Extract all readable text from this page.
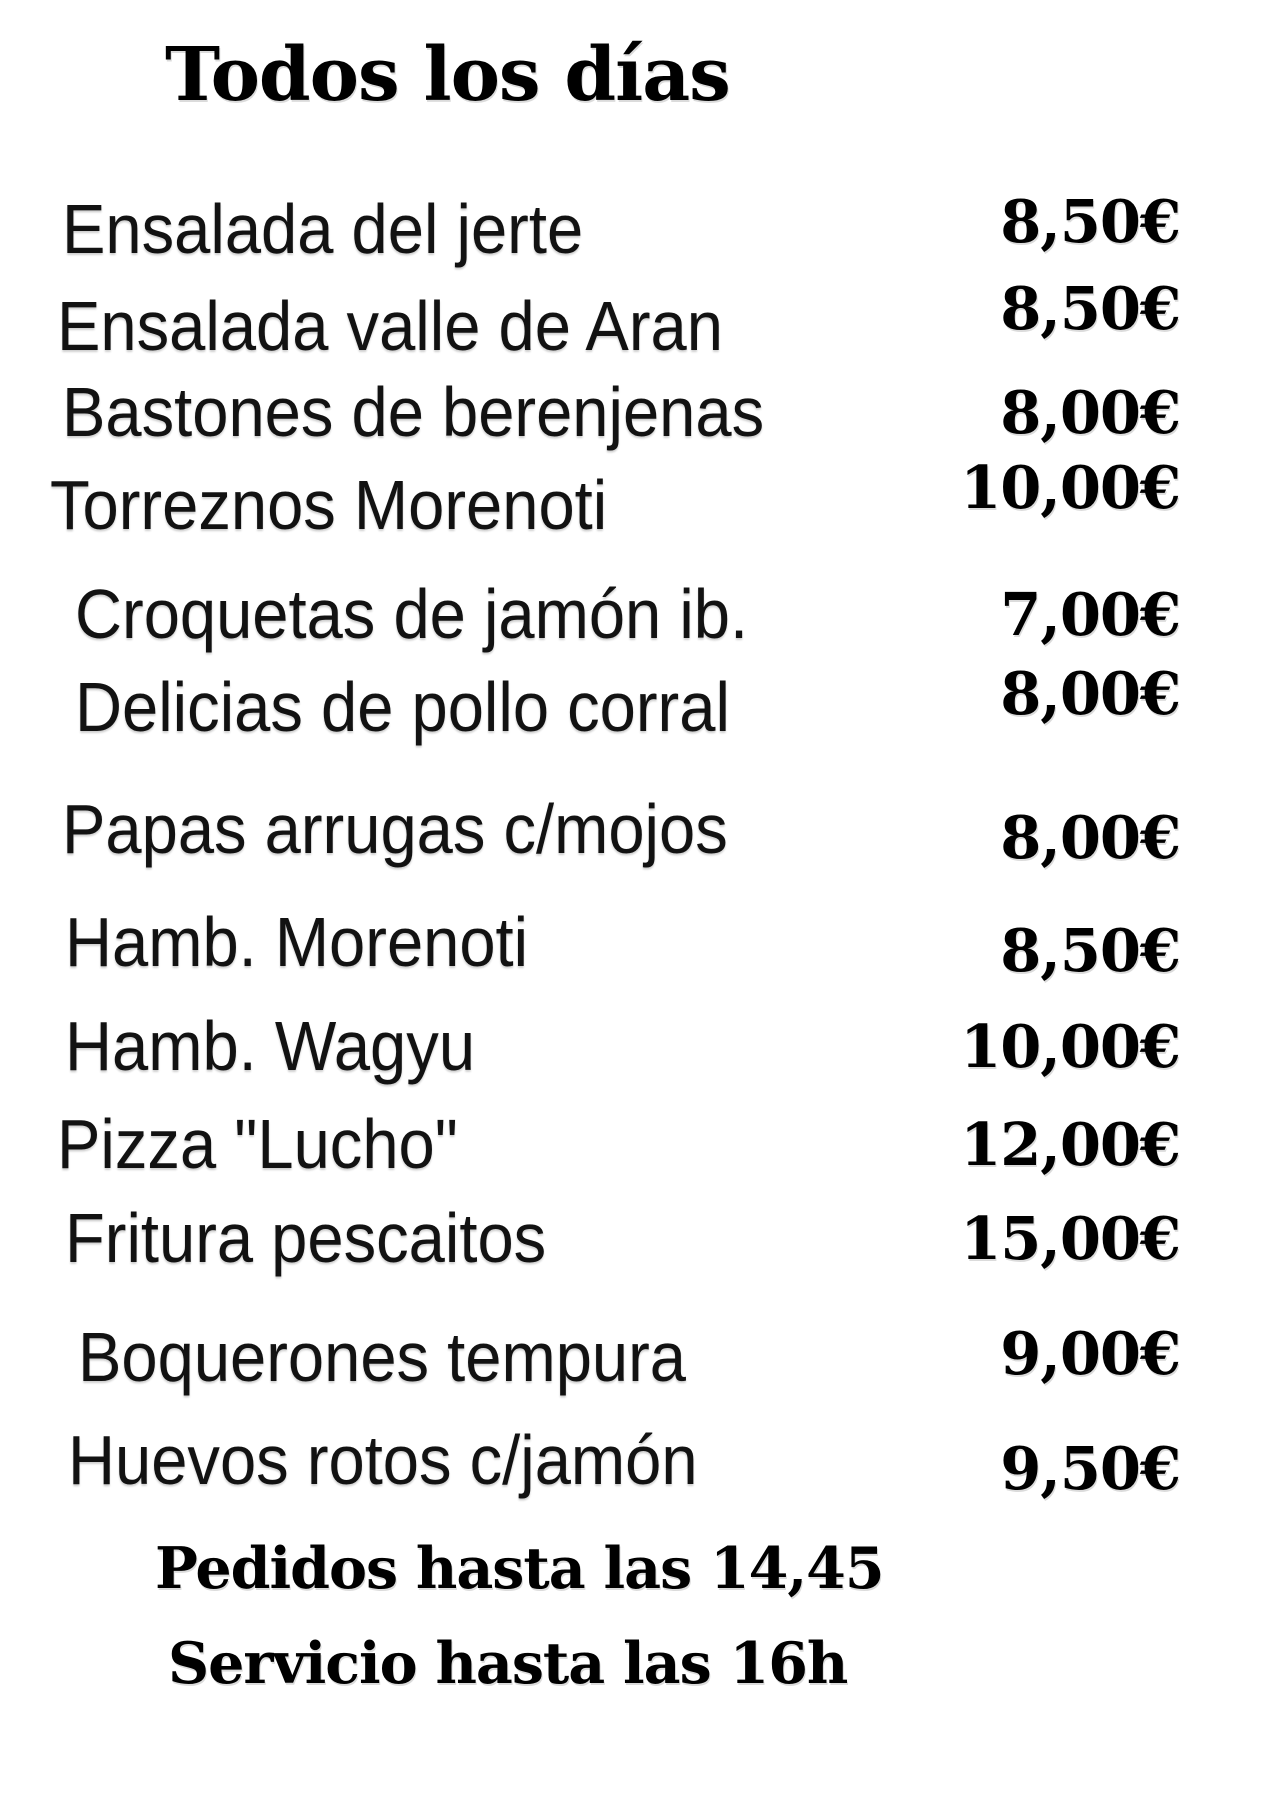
Todos los días
Ensalada del jerte	8,50€
Ensalada valle de Aran	8,50€
Bastones de berenjenas	8,00€
Torreznos Morenoti	10,00€
Croquetas de jamón ib.	7,00€
Delicias de pollo corral	8,00€
Papas arrugas c/mojos	8,00€
Hamb. Morenoti	8,50€
Hamb. Wagyu	10,00€
Pizza "Lucho"	12,00€
Fritura pescaitos	15,00€
Boquerones tempura	9,00€
Huevos rotos c/jamón	9,50€
Pedidos hasta las 14,45
Servicio hasta las 16h
